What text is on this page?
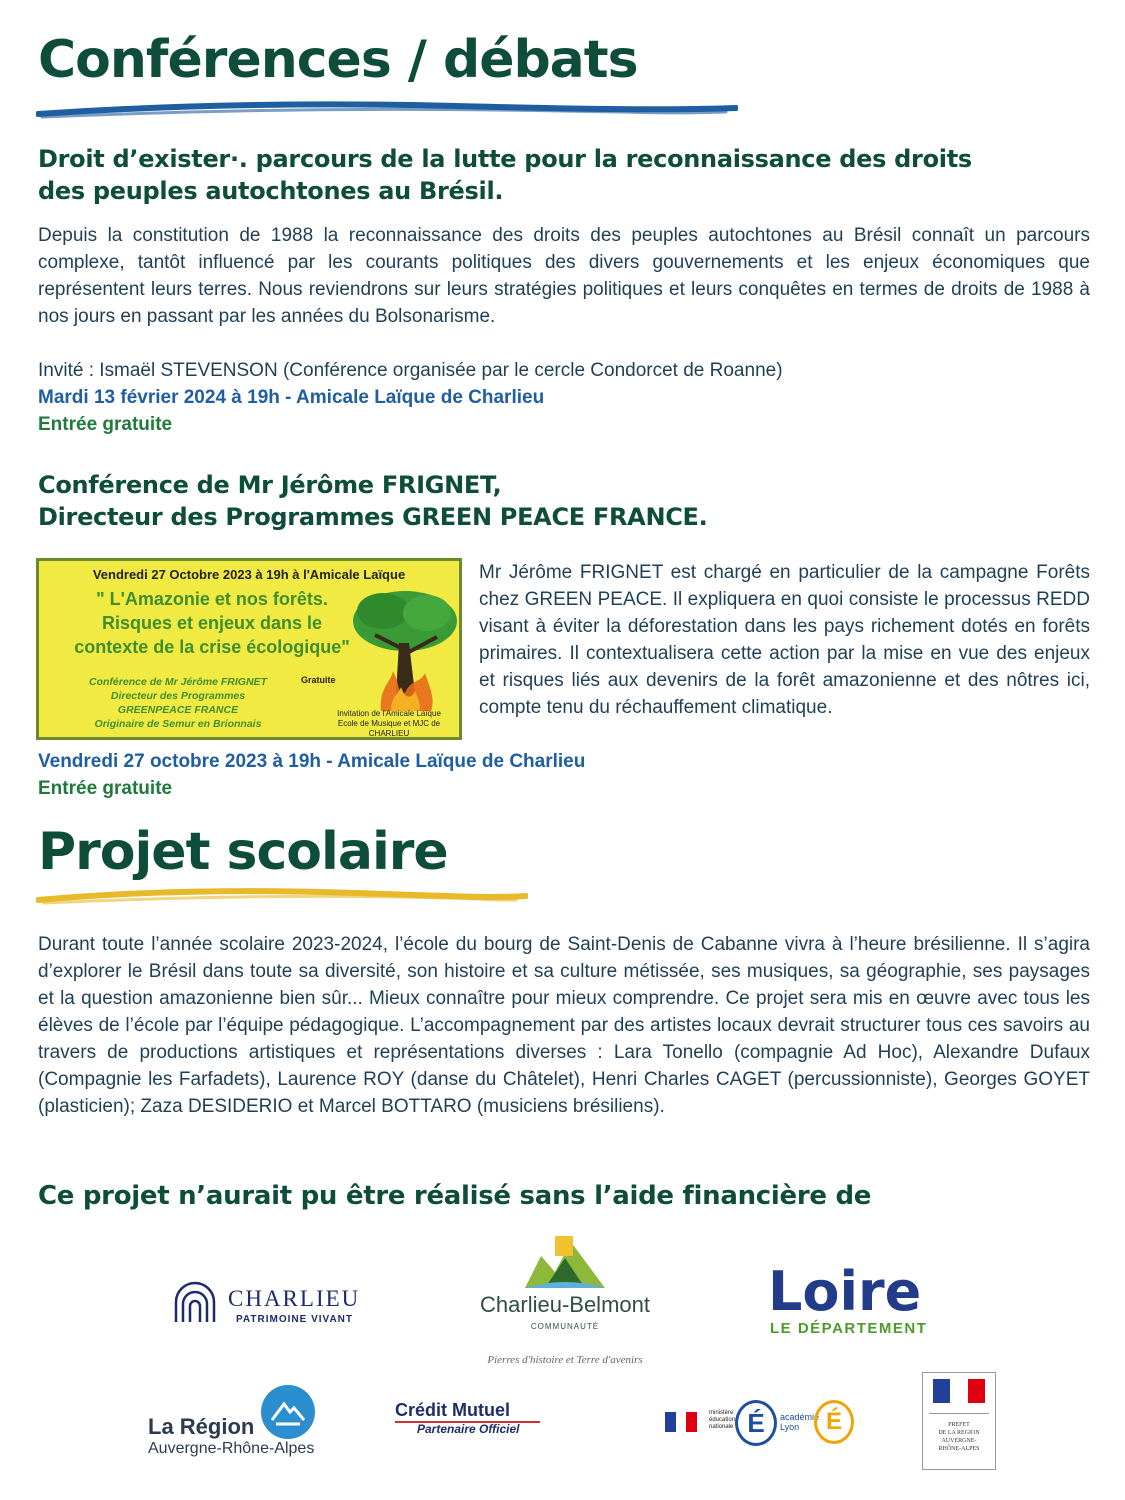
Conférences / débats
Droit d’exister·. parcours de la lutte pour la reconnaissance des droits
des peuples autochtones au Brésil.
Depuis la constitution de 1988 la reconnaissance des droits des peuples autochtones au Brésil connaît un parcours complexe, tantôt influencé par les courants politiques des divers gouvernements et les enjeux économiques que représentent leurs terres. Nous reviendrons sur leurs stratégies politiques et leurs conquêtes en termes de droits de 1988 à nos jours en passant par les années du Bolsonarisme.
Invité : Ismaël STEVENSON (Conférence organisée par le cercle Condorcet de Roanne)
Mardi 13 février 2024 à 19h - Amicale Laïque de Charlieu
Entrée gratuite
Conférence de Mr Jérôme FRIGNET,
Directeur des Programmes GREEN PEACE FRANCE.
Vendredi 27 Octobre 2023 à 19h à l'Amicale Laïque
" L'Amazonie et nos forêts.
Risques et enjeux dans le
contexte de la crise écologique"
Conférence de Mr Jérôme FRIGNET
Directeur des Programmes
GREENPEACE FRANCE
Originaire de Semur en Brionnais
Gratuite
Invitation de l'Amicale Laïque
Ecole de Musique et MJC de
CHARLIEU
Mr Jérôme FRIGNET est chargé en particulier de la campagne Forêts chez GREEN PEACE. Il expliquera en quoi consiste le processus REDD visant à éviter la déforestation dans les pays richement dotés en forêts primaires. Il contextualisera cette action par la mise en vue des enjeux et risques liés aux devenirs de la forêt amazonienne et des nôtres ici, compte tenu du réchauffement climatique.
Vendredi 27 octobre 2023 à 19h - Amicale Laïque de Charlieu
Entrée gratuite
Projet scolaire
Durant toute l’année scolaire 2023-2024, l’école du bourg de Saint-Denis de Cabanne vivra à l’heure brésilienne. Il s’agira d’explorer le Brésil dans toute sa diversité, son histoire et sa culture métissée, ses musiques, sa géographie, ses paysages et la question amazonienne bien sûr... Mieux connaître pour mieux comprendre. Ce projet sera mis en œuvre avec tous les élèves de l’école par l’équipe pédagogique. L’accompagnement par des artistes locaux devrait structurer tous ces savoirs au travers de productions artistiques et représentations diverses : Lara Tonello (compagnie Ad Hoc), Alexandre Dufaux (Compagnie les Farfadets), Laurence ROY (danse du Châtelet), Henri Charles CAGET (percussionniste), Georges GOYET (plasticien); Zaza DESIDERIO et Marcel BOTTARO (musiciens brésiliens).
Ce projet n’aurait pu être réalisé sans l’aide financière de
CHARLIEU
PATRIMOINE VIVANT
Charlieu-Belmont
COMMUNAUTÉ
Pierres d'histoire et Terre d'avenirs
Loire
LE DÉPARTEMENT
La Région
Auvergne-Rhône-Alpes
Crédit Mutuel
Partenaire Officiel
ministère
éducation
nationale É	académie
Lyon	É	PREFET
DE LA REGION
AUVERGNE-
RHÔNE-ALPES
